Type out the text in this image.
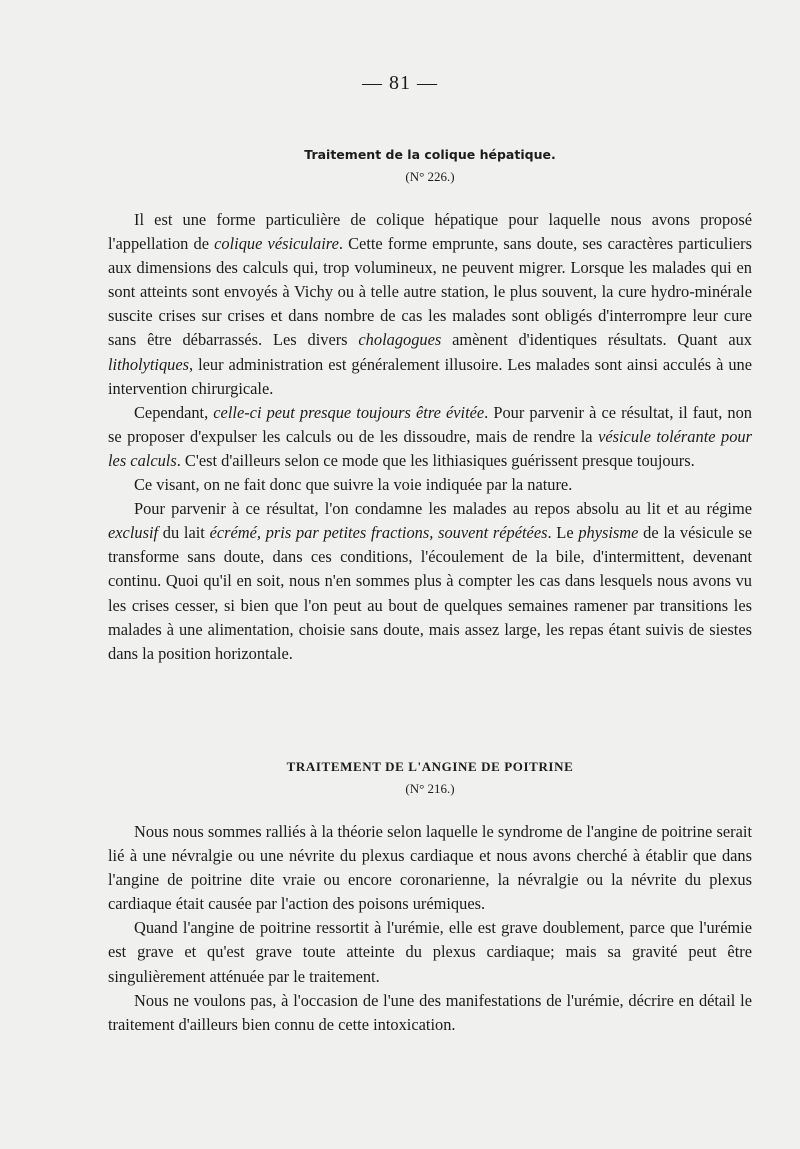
— 81 —
Traitement de la colique hépatique.
(N° 226.)

Il est une forme particulière de colique hépatique pour laquelle nous avons proposé l'appellation de colique vésiculaire. Cette forme emprunte, sans doute, ses caractères particuliers aux dimensions des calculs qui, trop volumineux, ne peuvent migrer. Lorsque les malades qui en sont atteints sont envoyés à Vichy ou à telle autre station, le plus souvent, la cure hydro-minérale suscite crises sur crises et dans nombre de cas les malades sont obligés d'interrompre leur cure sans être débarrassés. Les divers cholagogues amènent d'identiques résultats. Quant aux litholytiques, leur administration est généralement illusoire. Les malades sont ainsi acculés à une intervention chirurgicale.

Cependant, celle-ci peut presque toujours être évitée. Pour parvenir à ce résultat, il faut, non se proposer d'expulser les calculs ou de les dissoudre, mais de rendre la vésicule tolérante pour les calculs. C'est d'ailleurs selon ce mode que les lithiasiques guérissent presque toujours.

Ce visant, on ne fait donc que suivre la voie indiquée par la nature.

Pour parvenir à ce résultat, l'on condamne les malades au repos absolu au lit et au régime exclusif du lait écrémé, pris par petites fractions, souvent répétées. Le physisme de la vésicule se transforme sans doute, dans ces conditions, l'écoulement de la bile, d'intermittent, devenant continu. Quoi qu'il en soit, nous n'en sommes plus à compter les cas dans lesquels nous avons vu les crises cesser, si bien que l'on peut au bout de quelques semaines ramener par transitions les malades à une alimentation, choisie sans doute, mais assez large, les repas étant suivis de siestes dans la position horizontale.

TRAITEMENT DE L'ANGINE DE POITRINE
(N° 216.)

Nous nous sommes ralliés à la théorie selon laquelle le syndrome de l'angine de poitrine serait lié à une névralgie ou une névrite du plexus cardiaque et nous avons cherché à établir que dans l'angine de poitrine dite vraie ou encore coronarienne, la névralgie ou la névrite du plexus cardiaque était causée par l'action des poisons urémiques.

Quand l'angine de poitrine ressortit à l'urémie, elle est grave doublement, parce que l'urémie est grave et qu'est grave toute atteinte du plexus cardiaque; mais sa gravité peut être singulièrement atténuée par le traitement.

Nous ne voulons pas, à l'occasion de l'une des manifestations de l'urémie, décrire en détail le traitement d'ailleurs bien connu de cette intoxication.
